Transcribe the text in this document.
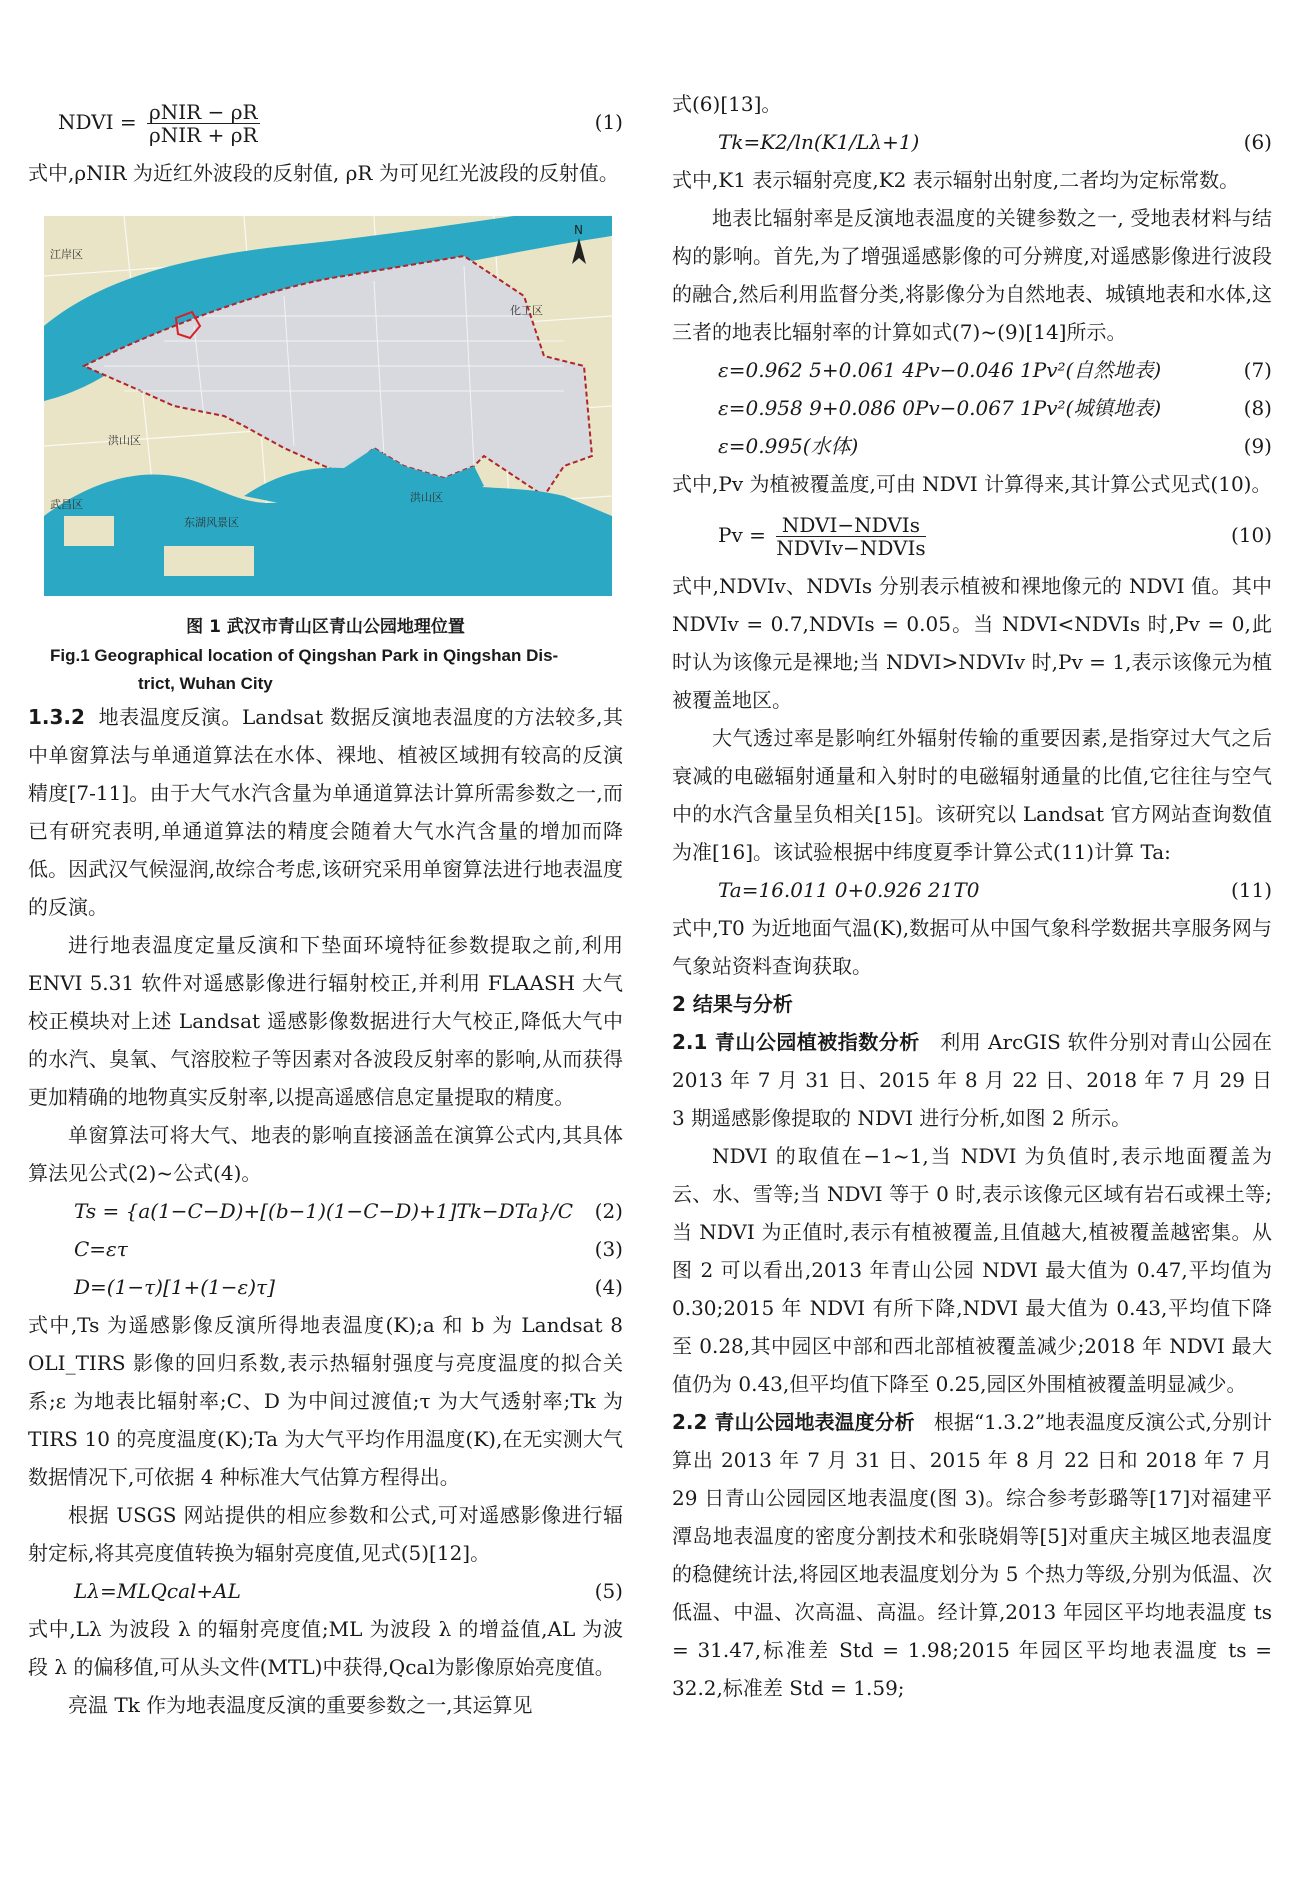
NDVI = $\frac{\text{ρNIR − ρR}}{\text{ρNIR + ρR}}$	(1)

式中,ρNIR 为近红外波段的反射值, ρR 为可见红光波段的反射值。

N
江岸区
化工区
洪山区
武昌区
东湖风景区
洪山区

图 1 武汉市青山区青山公园地理位置

Fig.1 Geographical location of Qingshan Park in Qingshan Dis-

trict, Wuhan City

1.3.2 地表温度反演。Landsat 数据反演地表温度的方法较多,其中单窗算法与单通道算法在水体、裸地、植被区域拥有较高的反演精度[7-11]。由于大气水汽含量为单通道算法计算所需参数之一,而已有研究表明,单通道算法的精度会随着大气水汽含量的增加而降低。因武汉气候湿润,故综合考虑,该研究采用单窗算法进行地表温度的反演。

进行地表温度定量反演和下垫面环境特征参数提取之前,利用 ENVI 5.31 软件对遥感影像进行辐射校正,并利用 FLAASH 大气校正模块对上述 Landsat 遥感影像数据进行大气校正,降低大气中的水汽、臭氧、气溶胶粒子等因素对各波段反射率的影响,从而获得更加精确的地物真实反射率,以提高遥感信息定量提取的精度。

单窗算法可将大气、地表的影响直接涵盖在演算公式内,其具体算法见公式(2)~公式(4)。

Ts = {a(1−C−D)+[(b−1)(1−C−D)+1]Tk−DTa}/C (2)
C=ετ	(3)
D=(1−τ)[1+(1−ε)τ]	(4)

式中,Ts 为遥感影像反演所得地表温度(K);a 和 b 为 Landsat 8 OLI_TIRS 影像的回归系数,表示热辐射强度与亮度温度的拟合关系;ε 为地表比辐射率;C、D 为中间过渡值;τ 为大气透射率;Tk 为 TIRS 10 的亮度温度(K);Ta 为大气平均作用温度(K),在无实测大气数据情况下,可依据 4 种标准大气估算方程得出。

根据 USGS 网站提供的相应参数和公式,可对遥感影像进行辐射定标,将其亮度值转换为辐射亮度值,见式(5)[12]。

Lλ=MLQcal+AL	(5)

式中,Lλ 为波段 λ 的辐射亮度值;ML 为波段 λ 的增益值,AL 为波段 λ 的偏移值,可从头文件(MTL)中获得,Qcal为影像原始亮度值。

亮温 Tk 作为地表温度反演的重要参数之一,其运算见

式(6)[13]。

Tk=K2/ln(K1/Lλ+1)	(6)

式中,K1 表示辐射亮度,K2 表示辐射出射度,二者均为定标常数。

地表比辐射率是反演地表温度的关键参数之一, 受地表材料与结构的影响。首先,为了增强遥感影像的可分辨度,对遥感影像进行波段的融合,然后利用监督分类,将影像分为自然地表、城镇地表和水体,这三者的地表比辐射率的计算如式(7)~(9)[14]所示。

ε=0.962 5+0.061 4Pv−0.046 1Pv²(自然地表)	(7)
ε=0.958 9+0.086 0Pv−0.067 1Pv²(城镇地表)	(8)
ε=0.995(水体)	(9)

式中,Pv 为植被覆盖度,可由 NDVI 计算得来,其计算公式见式(10)。

$Pv = \frac{\text{NDVI−NDVIs}}{\text{NDVIv−NDVIs}}$	(10)

式中,NDVIv、NDVIs 分别表示植被和裸地像元的 NDVI 值。其中 NDVIv = 0.7,NDVIs = 0.05。当 NDVI<NDVIs 时,Pv = 0,此时认为该像元是裸地;当 NDVI>NDVIv 时,Pv = 1,表示该像元为植被覆盖地区。

大气透过率是影响红外辐射传输的重要因素,是指穿过大气之后衰减的电磁辐射通量和入射时的电磁辐射通量的比值,它往往与空气中的水汽含量呈负相关[15]。该研究以 Landsat 官方网站查询数值为准[16]。该试验根据中纬度夏季计算公式(11)计算 Ta:

Ta=16.011 0+0.926 21T0	(11)

式中,T0 为近地面气温(K),数据可从中国气象科学数据共享服务网与气象站资料查询获取。

2 结果与分析

2.1 青山公园植被指数分析 利用 ArcGIS 软件分别对青山公园在 2013 年 7 月 31 日、2015 年 8 月 22 日、2018 年 7 月 29 日 3 期遥感影像提取的 NDVI 进行分析,如图 2 所示。

NDVI 的取值在−1~1,当 NDVI 为负值时,表示地面覆盖为云、水、雪等;当 NDVI 等于 0 时,表示该像元区域有岩石或裸土等;当 NDVI 为正值时,表示有植被覆盖,且值越大,植被覆盖越密集。从图 2 可以看出,2013 年青山公园 NDVI 最大值为 0.47,平均值为 0.30;2015 年 NDVI 有所下降,NDVI 最大值为 0.43,平均值下降至 0.28,其中园区中部和西北部植被覆盖减少;2018 年 NDVI 最大值仍为 0.43,但平均值下降至 0.25,园区外围植被覆盖明显减少。

2.2 青山公园地表温度分析 根据“1.3.2”地表温度反演公式,分别计算出 2013 年 7 月 31 日、2015 年 8 月 22 日和 2018 年 7 月 29 日青山公园园区地表温度(图 3)。综合参考彭璐等[17]对福建平潭岛地表温度的密度分割技术和张晓娟等[5]对重庆主城区地表温度的稳健统计法,将园区地表温度划分为 5 个热力等级,分别为低温、次低温、中温、次高温、高温。经计算,2013 年园区平均地表温度 ts = 31.47,标准差 Std = 1.98;2015 年园区平均地表温度 ts = 32.2,标准差 Std = 1.59;
